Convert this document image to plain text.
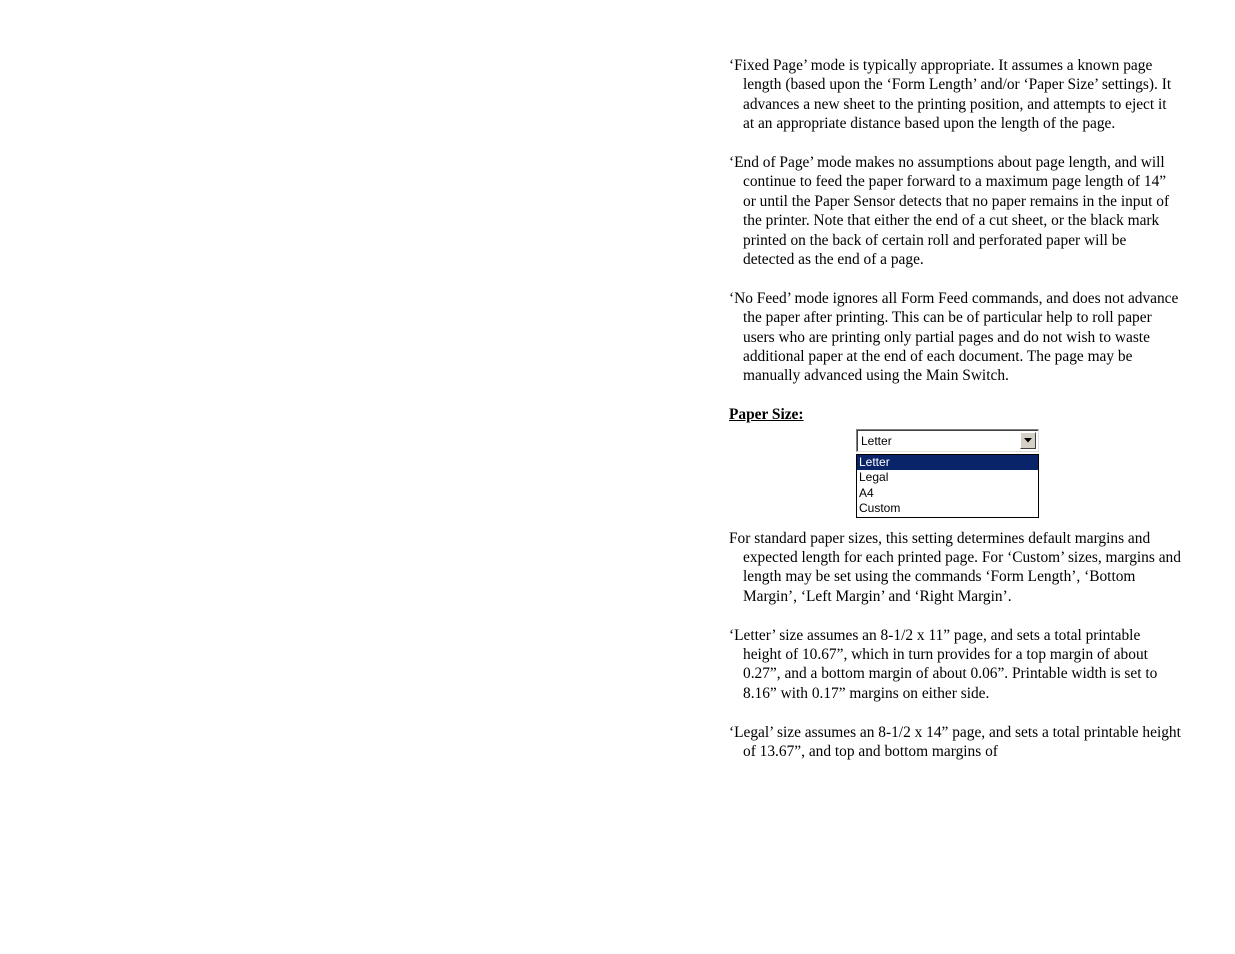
‘Fixed Page’ mode is typically appropriate. It assumes a known page length (based upon the ‘Form Length’ and/or ‘Paper Size’ settings). It advances a new sheet to the printing position, and attempts to eject it at an appropriate distance based upon the length of the page.

‘End of Page’ mode makes no assumptions about page length, and will continue to feed the paper forward to a maximum page length of 14” or until the Paper Sensor detects that no paper remains in the input of the printer. Note that either the end of a cut sheet, or the black mark printed on the back of certain roll and perforated paper will be detected as the end of a page.

‘No Feed’ mode ignores all Form Feed commands, and does not advance the paper after printing. This can be of particular help to roll paper users who are printing only partial pages and do not wish to waste additional paper at the end of each document. The page may be manually advanced using the Main Switch.

Paper Size:

Letter
Letter
Legal
A4
Custom

For standard paper sizes, this setting determines default margins and expected length for each printed page. For ‘Custom’ sizes, margins and length may be set using the commands ‘Form Length’, ‘Bottom Margin’, ‘Left Margin’ and ‘Right Margin’.

‘Letter’ size assumes an 8-1/2 x 11” page, and sets a total printable height of 10.67”, which in turn provides for a top margin of about 0.27”, and a bottom margin of about 0.06”. Printable width is set to 8.16” with 0.17” margins on either side.

‘Legal’ size assumes an 8-1/2 x 14” page, and sets a total printable height of 13.67”, and top and bottom margins of
